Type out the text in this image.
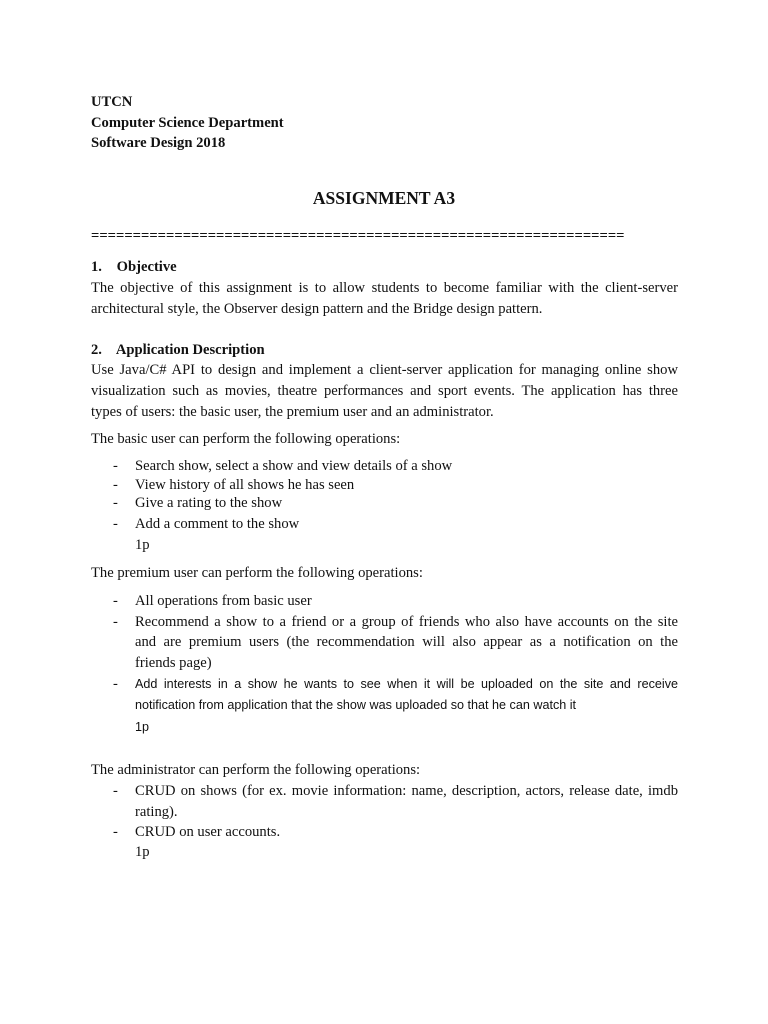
UTCN
Computer Science Department
Software Design 2018
ASSIGNMENT A3
================================================================
1. Objective
The objective of this assignment is to allow students to become familiar with the client-server
architectural style, the Observer design pattern and the Bridge design pattern.
2. Application Description
Use Java/C# API to design and implement a client-server application for managing online show
visualization such as movies, theatre performances and sport events. The application has three
types of users: the basic user, the premium user and an administrator.
The basic user can perform the following operations:
-	Search show, select a show and view details of a show
-	View history of all shows he has seen
-	Give a rating to the show
-	Add a comment to the show
1p
The premium user can perform the following operations:
-	All operations from basic user
-	Recommend a show to a friend or a group of friends who also have accounts on the site
and are premium users (the recommendation will also appear as a notification on the
friends page)
-	Add interests in a show he wants to see when it will be uploaded on the site and receive
notification from application that the show was uploaded so that he can watch it
1p
The administrator can perform the following operations:
-	CRUD on shows (for ex. movie information: name, description, actors, release date, imdb
rating).
-	CRUD on user accounts.
1p
